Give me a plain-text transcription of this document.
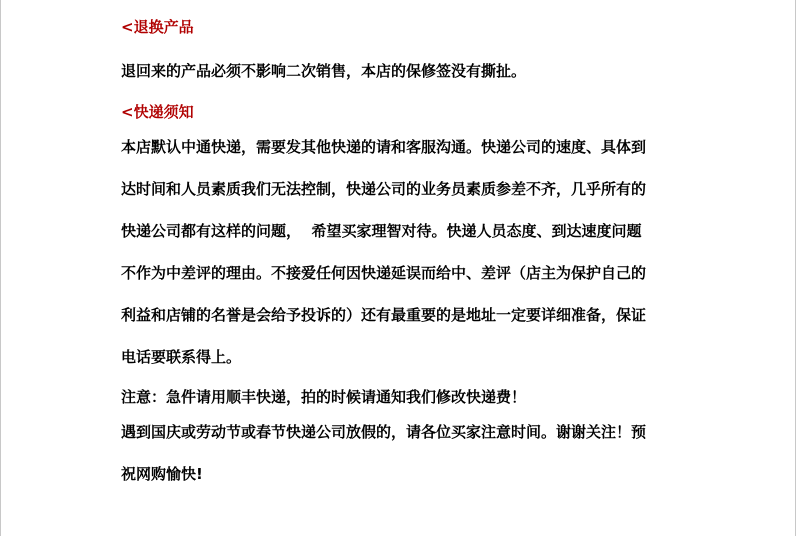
<退换产品

退回来的产品必须不影响二次销售，本店的保修签没有撕扯。

<快递须知

本店默认中通快递，需要发其他快递的请和客服沟通。快递公司的速度、具体到
达时间和人员素质我们无法控制，快递公司的业务员素质参差不齐，几乎所有的
快递公司都有这样的问题，  希望买家理智对待。快递人员态度、到达速度问题
不作为中差评的理由。不接爱任何因快递延误而给中、差评（店主为保护自己的
利益和店铺的名誉是会给予投诉的）还有最重要的是地址一定要详细准备，保证
电话要联系得上。

注意：急件请用顺丰快递，拍的时候请通知我们修改快递费！

遇到国庆或劳动节或春节快递公司放假的，请各位买家注意时间。谢谢关注！预
祝网购愉快!
